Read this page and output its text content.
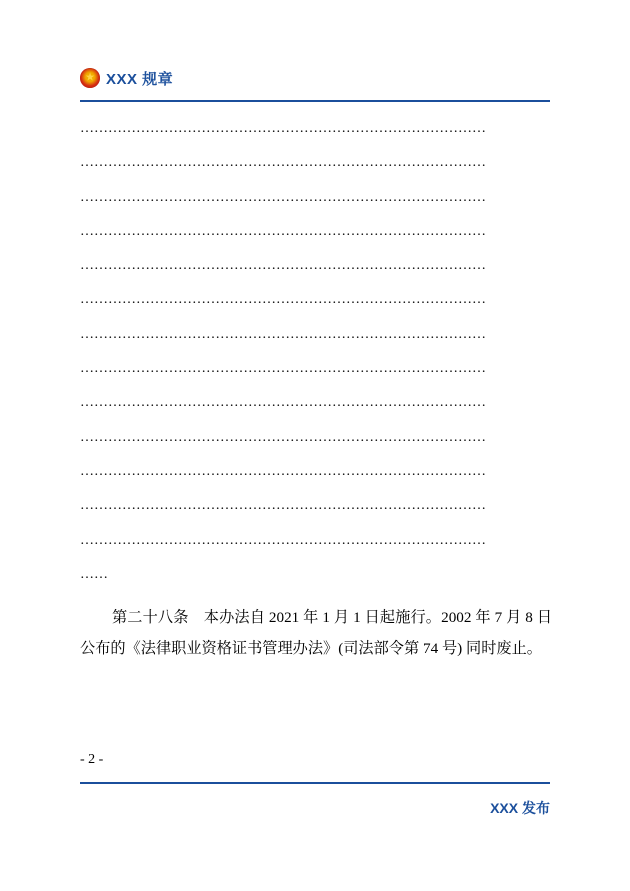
★
XXX 规章
……………………………………………………………………………
……………………………………………………………………………
……………………………………………………………………………
……………………………………………………………………………
……………………………………………………………………………
……………………………………………………………………………
……………………………………………………………………………
……………………………………………………………………………
……………………………………………………………………………
……………………………………………………………………………
……………………………………………………………………………
……………………………………………………………………………
……………………………………………………………………………
……

第二十八条　本办法自 2021 年 1 月 1 日起施行。2002 年 7 月 8 日公布的《法律职业资格证书管理办法》(司法部令第 74 号) 同时废止。

- 2 -
XXX 发布
